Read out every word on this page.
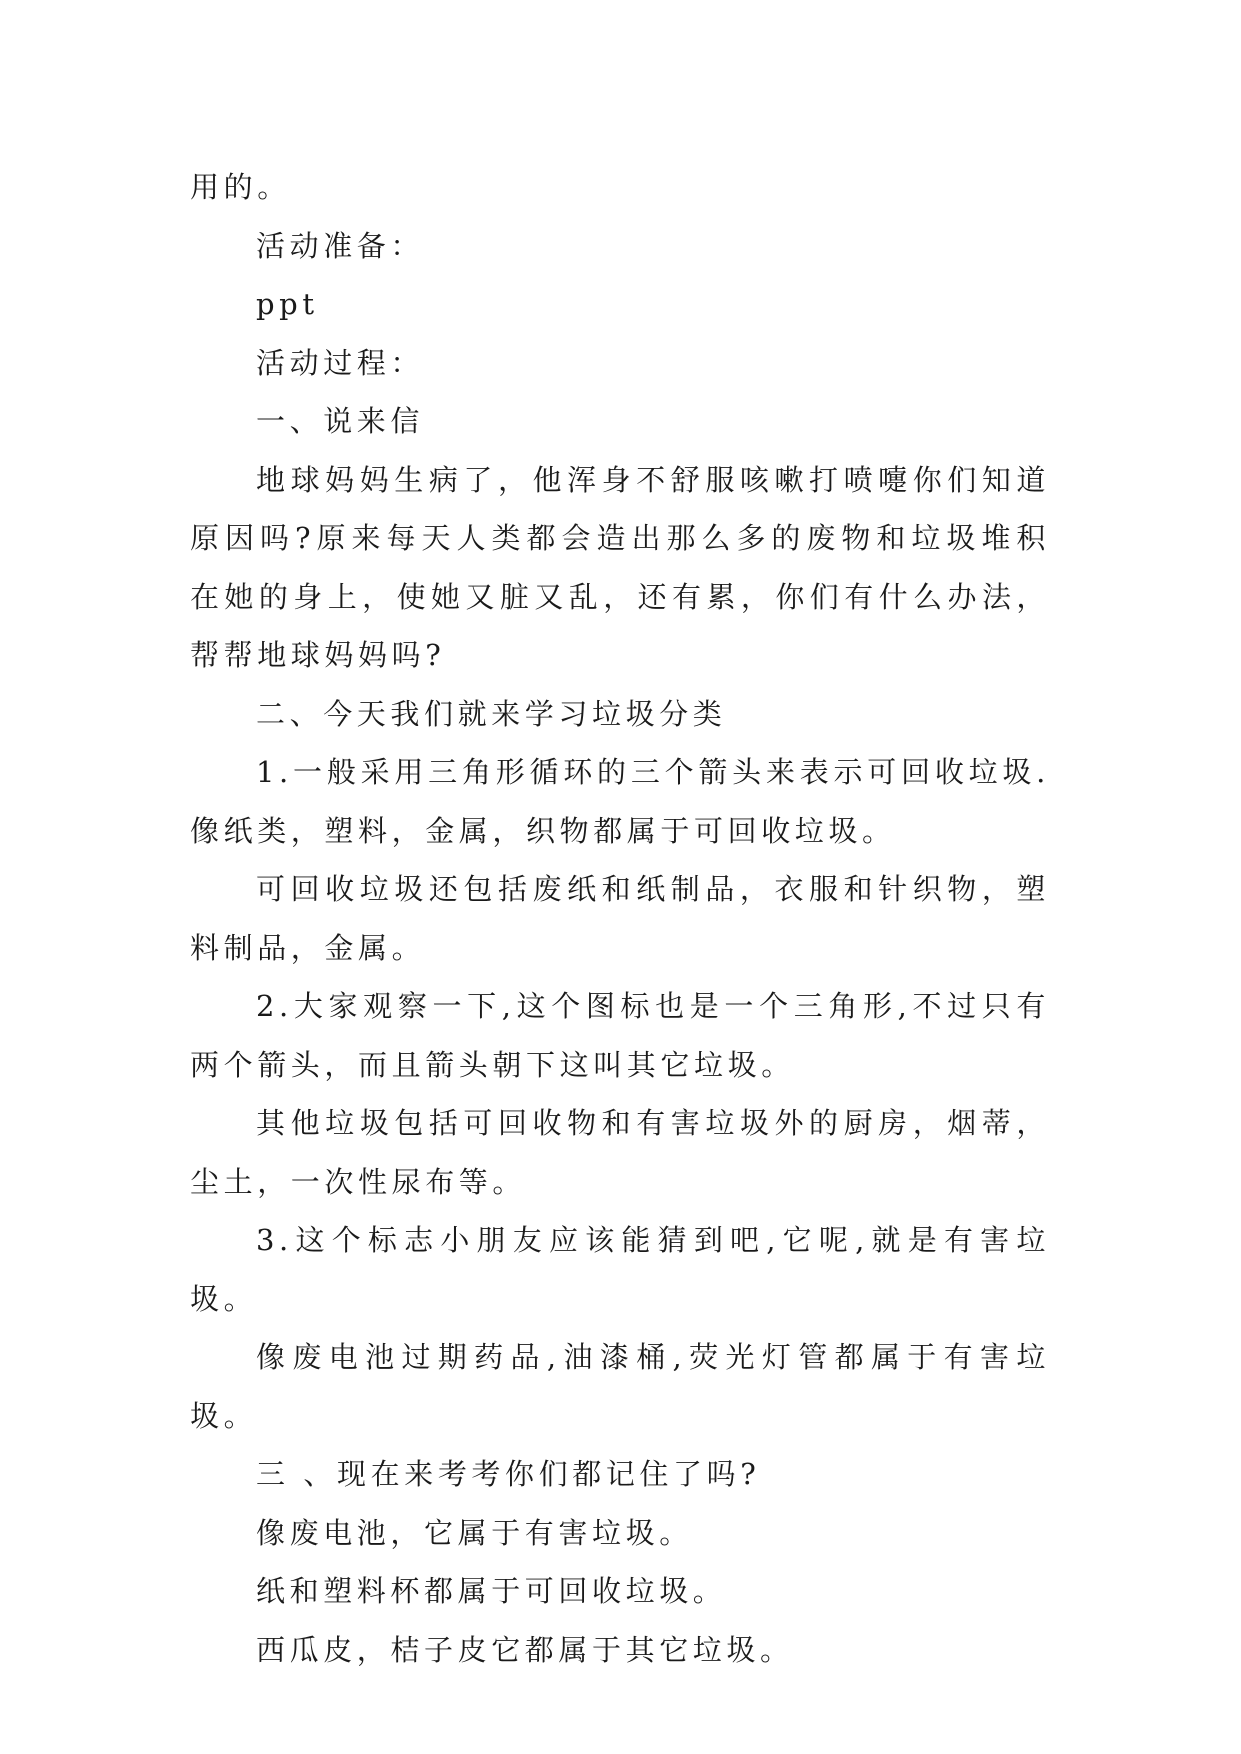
用的。

活动准备：

ppt

活动过程：

一、说来信

地球妈妈生病了，他浑身不舒服咳嗽打喷嚏你们知道原因吗?原来每天人类都会造出那么多的废物和垃圾堆积在她的身上，使她又脏又乱，还有累，你们有什么办法，帮帮地球妈妈吗?

二、今天我们就来学习垃圾分类

1.一般采用三角形循环的三个箭头来表示可回收垃圾.像纸类，塑料，金属，织物都属于可回收垃圾。

可回收垃圾还包括废纸和纸制品，衣服和针织物，塑料制品，金属。

2.大家观察一下,这个图标也是一个三角形,不过只有两个箭头，而且箭头朝下这叫其它垃圾。

其他垃圾包括可回收物和有害垃圾外的厨房，烟蒂，尘土，一次性尿布等。

3.这个标志小朋友应该能猜到吧,它呢,就是有害垃圾。

像废电池过期药品,油漆桶,荧光灯管都属于有害垃圾。

三 、现在来考考你们都记住了吗?

像废电池，它属于有害垃圾。

纸和塑料杯都属于可回收垃圾。

西瓜皮，桔子皮它都属于其它垃圾。
